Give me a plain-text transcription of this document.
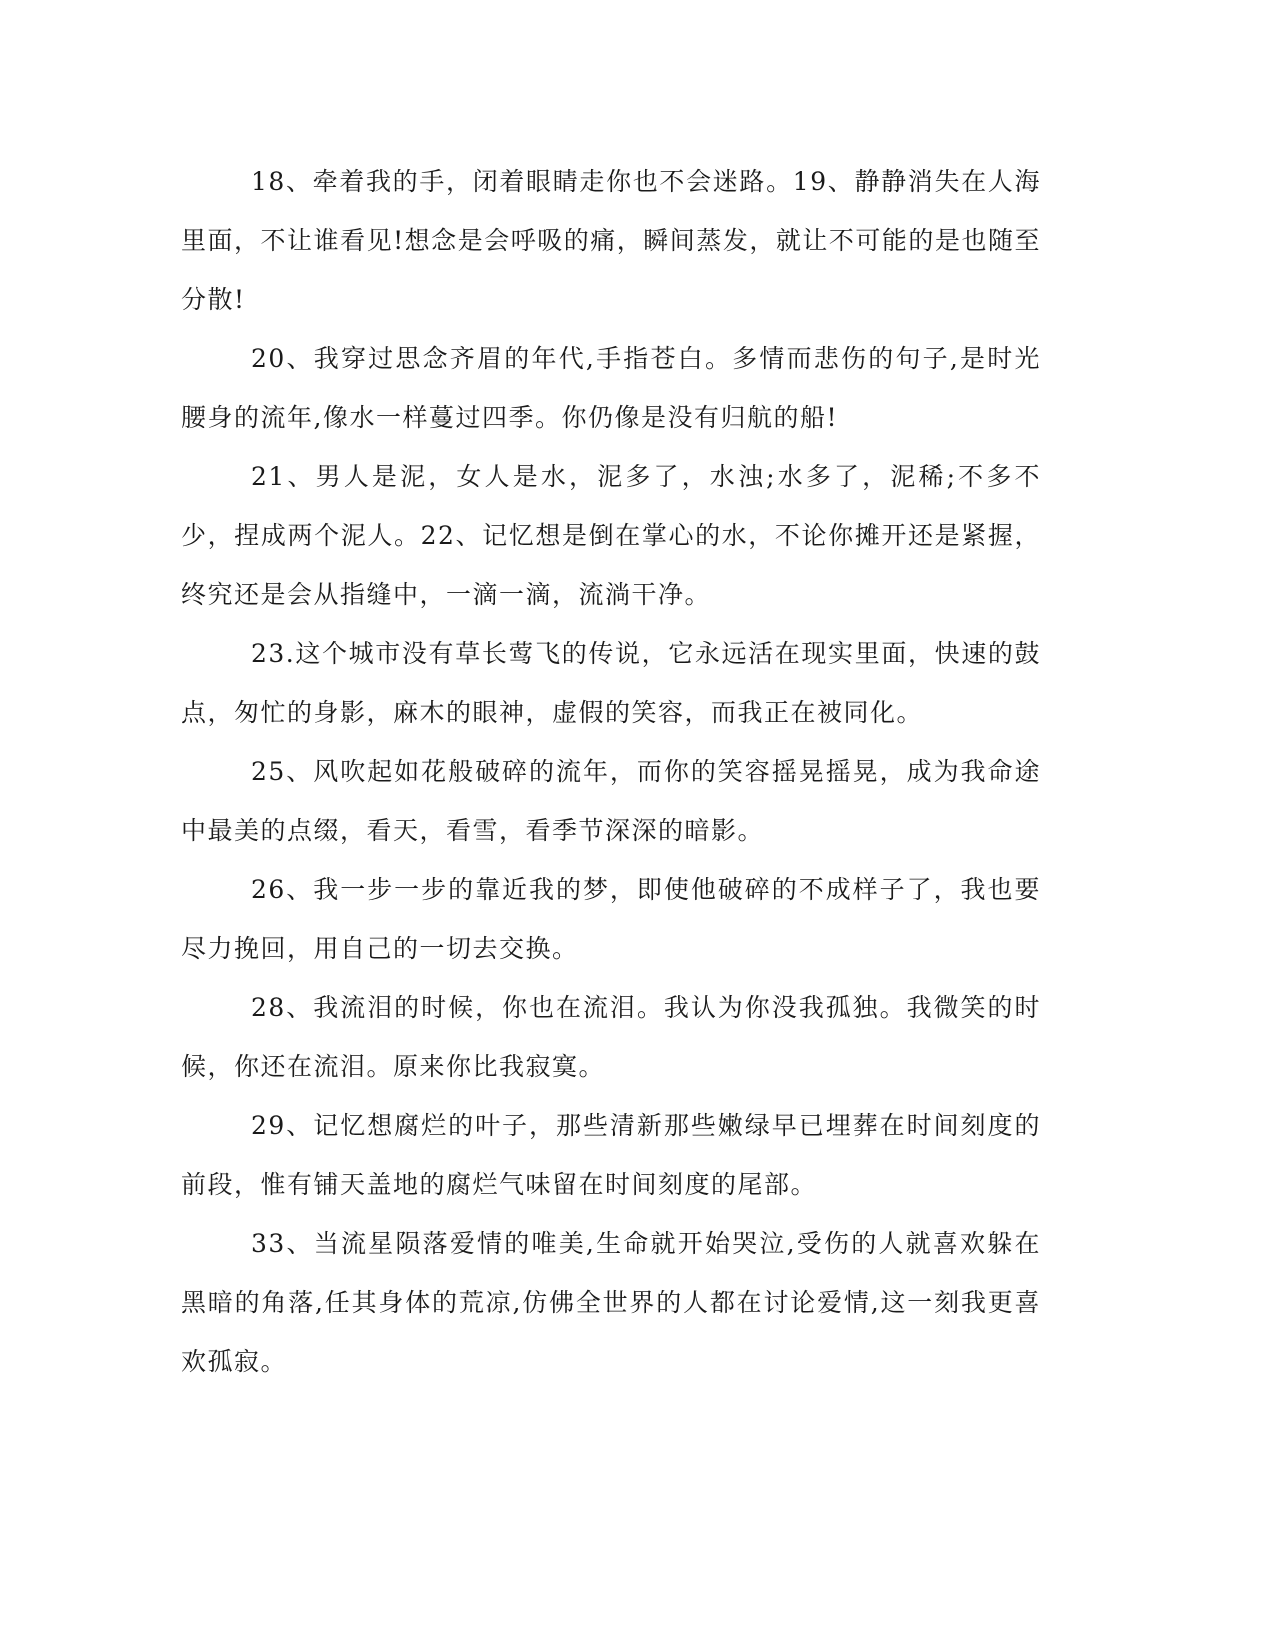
18、牵着我的手，闭着眼睛走你也不会迷路。19、静静消失在人海里面，不让谁看见!想念是会呼吸的痛，瞬间蒸发，就让不可能的是也随至分散!

20、我穿过思念齐眉的年代,手指苍白。多情而悲伤的句子,是时光腰身的流年,像水一样蔓过四季。你仍像是没有归航的船!

21、男人是泥，女人是水，泥多了，水浊;水多了，泥稀;不多不少，捏成两个泥人。22、记忆想是倒在掌心的水，不论你摊开还是紧握，终究还是会从指缝中，一滴一滴，流淌干净。

23.这个城市没有草长莺飞的传说，它永远活在现实里面，快速的鼓点，匆忙的身影，麻木的眼神，虚假的笑容，而我正在被同化。

25、风吹起如花般破碎的流年，而你的笑容摇晃摇晃，成为我命途中最美的点缀，看天，看雪，看季节深深的暗影。

26、我一步一步的靠近我的梦，即使他破碎的不成样子了，我也要尽力挽回，用自己的一切去交换。

28、我流泪的时候，你也在流泪。我认为你没我孤独。我微笑的时候，你还在流泪。原来你比我寂寞。

29、记忆想腐烂的叶子，那些清新那些嫩绿早已埋葬在时间刻度的前段，惟有铺天盖地的腐烂气味留在时间刻度的尾部。

33、当流星陨落爱情的唯美,生命就开始哭泣,受伤的人就喜欢躲在黑暗的角落,任其身体的荒凉,仿佛全世界的人都在讨论爱情,这一刻我更喜欢孤寂。
